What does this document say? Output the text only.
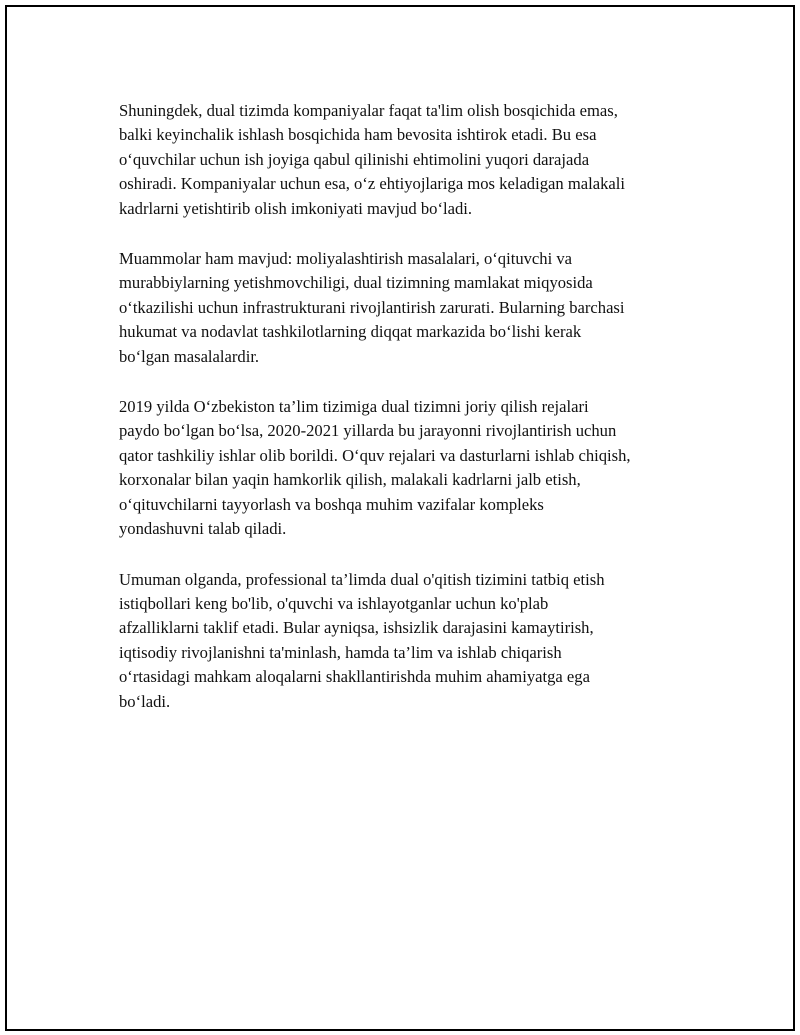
Shuningdek, dual tizimda kompaniyalar faqat ta'lim olish bosqichida emas,
balki keyinchalik ishlash bosqichida ham bevosita ishtirok etadi. Bu esa
o‘quvchilar uchun ish joyiga qabul qilinishi ehtimolini yuqori darajada
oshiradi. Kompaniyalar uchun esa, o‘z ehtiyojlariga mos keladigan malakali
kadrlarni yetishtirib olish imkoniyati mavjud bo‘ladi.

Muammolar ham mavjud: moliyalashtirish masalalari, o‘qituvchi va
murabbiylarning yetishmovchiligi, dual tizimning mamlakat miqyosida
o‘tkazilishi uchun infrastrukturani rivojlantirish zarurati. Bularning barchasi
hukumat va nodavlat tashkilotlarning diqqat markazida bo‘lishi kerak
bo‘lgan masalalardir.

2019 yilda O‘zbekiston ta’lim tizimiga dual tizimni joriy qilish rejalari
paydo bo‘lgan bo‘lsa, 2020-2021 yillarda bu jarayonni rivojlantirish uchun
qator tashkiliy ishlar olib borildi. O‘quv rejalari va dasturlarni ishlab chiqish,
korxonalar bilan yaqin hamkorlik qilish, malakali kadrlarni jalb etish,
o‘qituvchilarni tayyorlash va boshqa muhim vazifalar kompleks
yondashuvni talab qiladi.

Umuman olganda, professional ta’limda dual o'qitish tizimini tatbiq etish
istiqbollari keng bo'lib, o'quvchi va ishlayotganlar uchun ko'plab
afzalliklarni taklif etadi. Bular ayniqsa, ishsizlik darajasini kamaytirish,
iqtisodiy rivojlanishni ta'minlash, hamda ta’lim va ishlab chiqarish
o‘rtasidagi mahkam aloqalarni shakllantirishda muhim ahamiyatga ega
bo‘ladi.
